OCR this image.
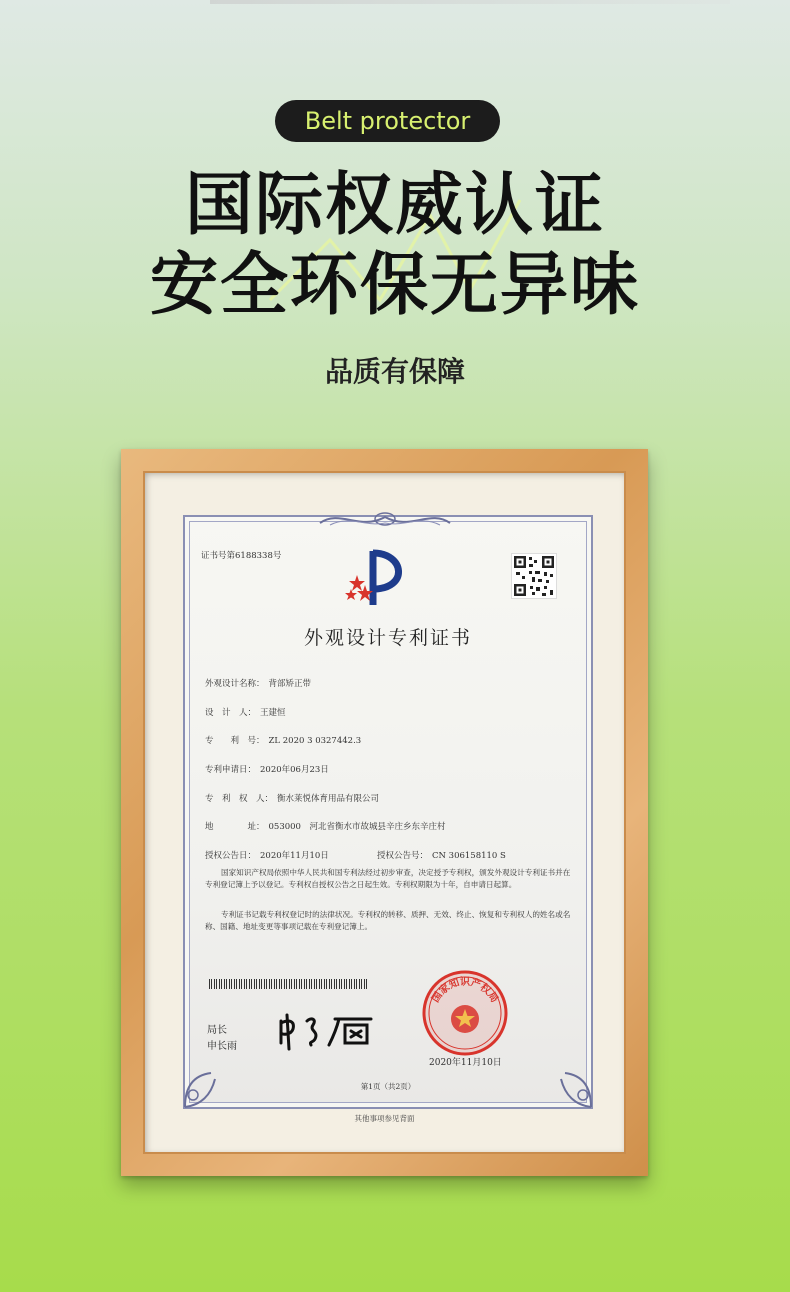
Belt protector
国际权威认证
安全环保无异味
品质有保障
证书号第6188338号
外观设计专利证书
外观设计名称： 背部矫正带
设　计　人： 王建恒
专　　利　号： ZL 2020 3 0327442.3
专利申请日： 2020年06月23日
专　利　权　人： 衡水莱悦体育用品有限公司
地　　　　址： 053000　河北省衡水市故城县辛庄乡东辛庄村
授权公告日： 2020年11月10日	授权公告号： CN 306158110 S
国家知识产权局依照中华人民共和国专利法经过初步审查，决定授予专利权，颁发外观设计专利证书并在专利登记簿上予以登记。专利权自授权公告之日起生效。专利权期限为十年，自申请日起算。
专利证书记载专利权登记时的法律状况。专利权的转移、质押、无效、终止、恢复和专利权人的姓名或名称、国籍、地址变更等事项记载在专利登记簿上。
局长
申长雨
国家知识产权局
2020年11月10日
第1页（共2页）
其他事项参见背面
